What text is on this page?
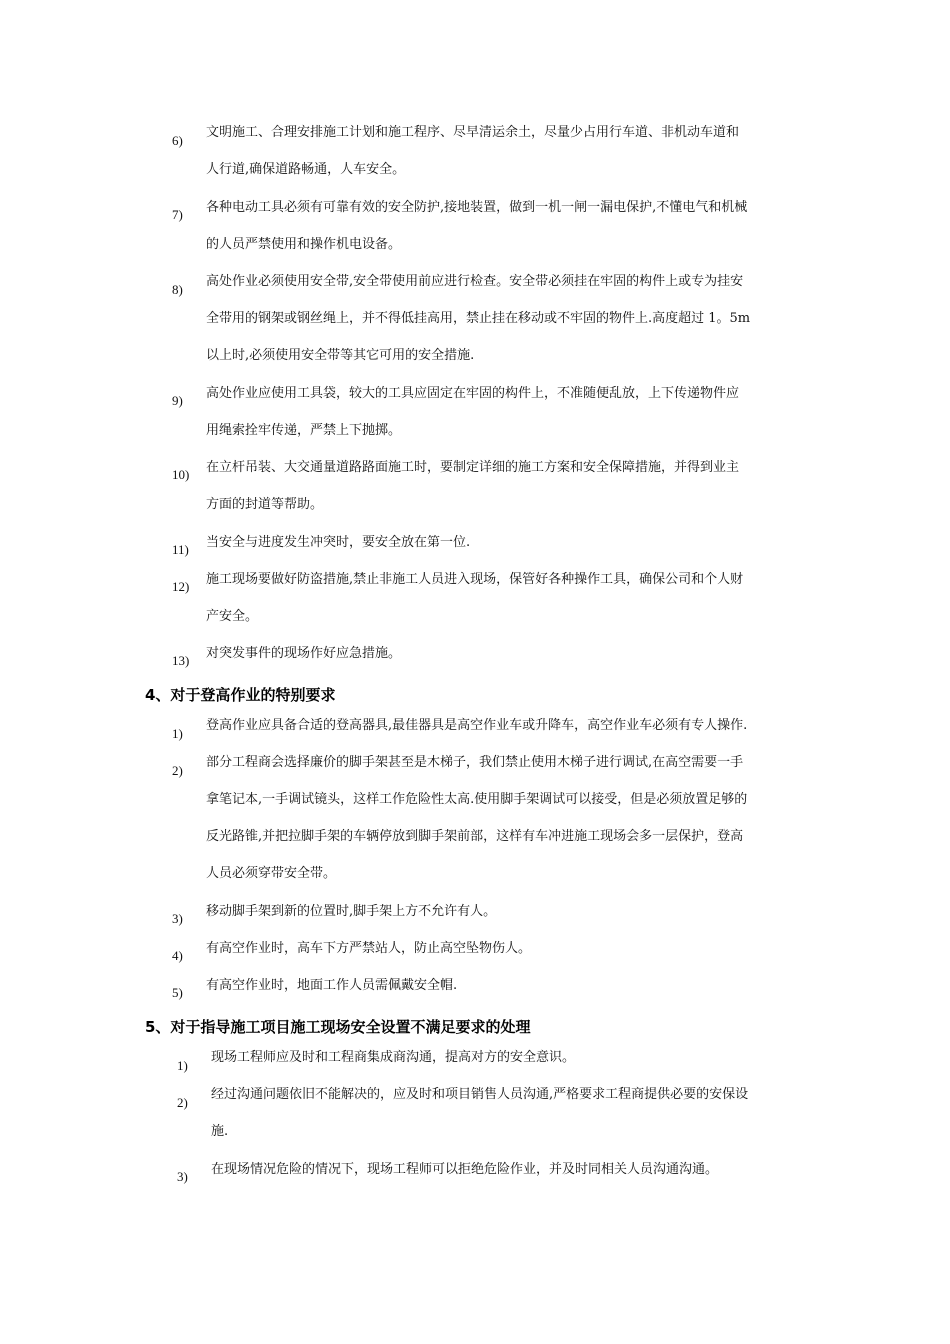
6)
文明施工、合理安排施工计划和施工程序、尽早清运余土，尽量少占用行车道、非机动车道和
人行道,确保道路畅通，人车安全。
7) 各种电动工具必须有可靠有效的安全防护,接地装置，做到一机一闸一漏电保护,不懂电气和机械
的人员严禁使用和操作机电设备。
8)
高处作业必须使用安全带,安全带使用前应进行检查。安全带必须挂在牢固的构件上或专为挂安
全带用的钢架或钢丝绳上，并不得低挂高用，禁止挂在移动或不牢固的物件上.高度超过 1。5m
以上时,必须使用安全带等其它可用的安全措施.
9) 高处作业应使用工具袋，较大的工具应固定在牢固的构件上，不准随便乱放，上下传递物件应
用绳索拴牢传递，严禁上下抛掷。
10) 在立杆吊装、大交通量道路路面施工时，要制定详细的施工方案和安全保障措施，并得到业主
方面的封道等帮助。
11) 当安全与进度发生冲突时，要安全放在第一位.
12) 施工现场要做好防盗措施,禁止非施工人员进入现场，保管好各种操作工具，确保公司和个人财
产安全。
13) 对突发事件的现场作好应急措施。
4、对于登高作业的特别要求
1)
登高作业应具备合适的登高器具,最佳器具是高空作业车或升降车，高空作业车必须有专人操作.
2)
部分工程商会选择廉价的脚手架甚至是木梯子，我们禁止使用木梯子进行调试,在高空需要一手
拿笔记本,一手调试镜头，这样工作危险性太高.使用脚手架调试可以接受，但是必须放置足够的
反光路锥,并把拉脚手架的车辆停放到脚手架前部，这样有车冲进施工现场会多一层保护，登高
人员必须穿带安全带。
3) 移动脚手架到新的位置时,脚手架上方不允许有人。
4) 有高空作业时，高车下方严禁站人，防止高空坠物伤人。
5) 有高空作业时，地面工作人员需佩戴安全帽.
5、对于指导施工项目施工现场安全设置不满足要求的处理
1)
现场工程师应及时和工程商集成商沟通，提高对方的安全意识。
2)
经过沟通问题依旧不能解决的，应及时和项目销售人员沟通,严格要求工程商提供必要的安保设
施.
3) 在现场情况危险的情况下，现场工程师可以拒绝危险作业，并及时同相关人员沟通沟通。
